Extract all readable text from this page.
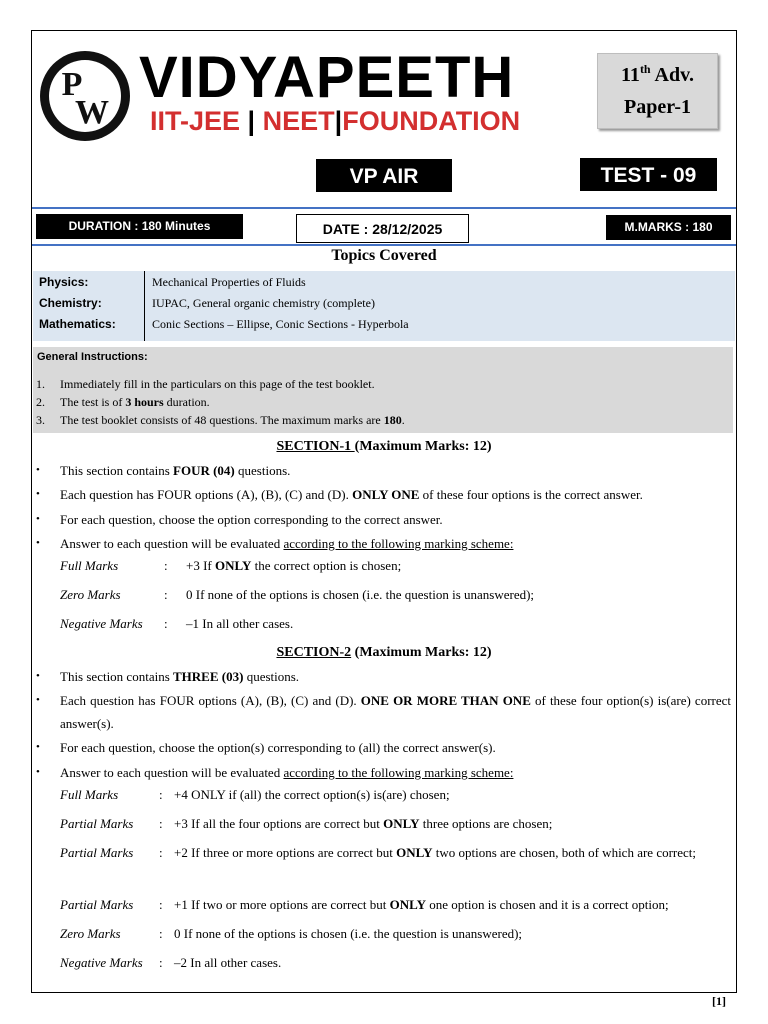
P
W
VIDYAPEETH
IIT-JEE | NEET|FOUNDATION
11th Adv.
Paper-1
VP AIR	TEST - 09
DURATION : 180 Minutes	DATE : 28/12/2025	M.MARKS : 180
Topics Covered
Physics:	Mechanical Properties of Fluids
Chemistry:	IUPAC, General organic chemistry (complete)
Mathematics:	Conic Sections – Ellipse, Conic Sections - Hyperbola
General Instructions:
1. Immediately fill in the particulars on this page of the test booklet.
2. The test is of 3 hours duration.
3. The test booklet consists of 48 questions. The maximum marks are 180.
SECTION-1 (Maximum Marks: 12)
• This section contains FOUR (04) questions.
• Each question has FOUR options (A), (B), (C) and (D). ONLY ONE of these four options is the correct answer.
• For each question, choose the option corresponding to the correct answer.
• Answer to each question will be evaluated according to the following marking scheme:
Full Marks	: +3 If ONLY the correct option is chosen;
Zero Marks	: 0 If none of the options is chosen (i.e. the question is unanswered);
Negative Marks : –1 In all other cases.
SECTION-2 (Maximum Marks: 12)
• This section contains THREE (03) questions.
• Each question has FOUR options (A), (B), (C) and (D). ONE OR MORE THAN ONE of these four option(s) is(are) correct answer(s).
• For each question, choose the option(s) corresponding to (all) the correct answer(s).
• Answer to each question will be evaluated according to the following marking scheme:
Full Marks	: +4 ONLY if (all) the correct option(s) is(are) chosen;
Partial Marks : +3 If all the four options are correct but ONLY three options are chosen;
Partial Marks : +2 If three or more options are correct but ONLY two options are chosen, both of which are correct;
Partial Marks : +1 If two or more options are correct but ONLY one option is chosen and it is a correct option;
Zero Marks	: 0 If none of the options is chosen (i.e. the question is unanswered);
Negative Marks : –2 In all other cases.
[1]
